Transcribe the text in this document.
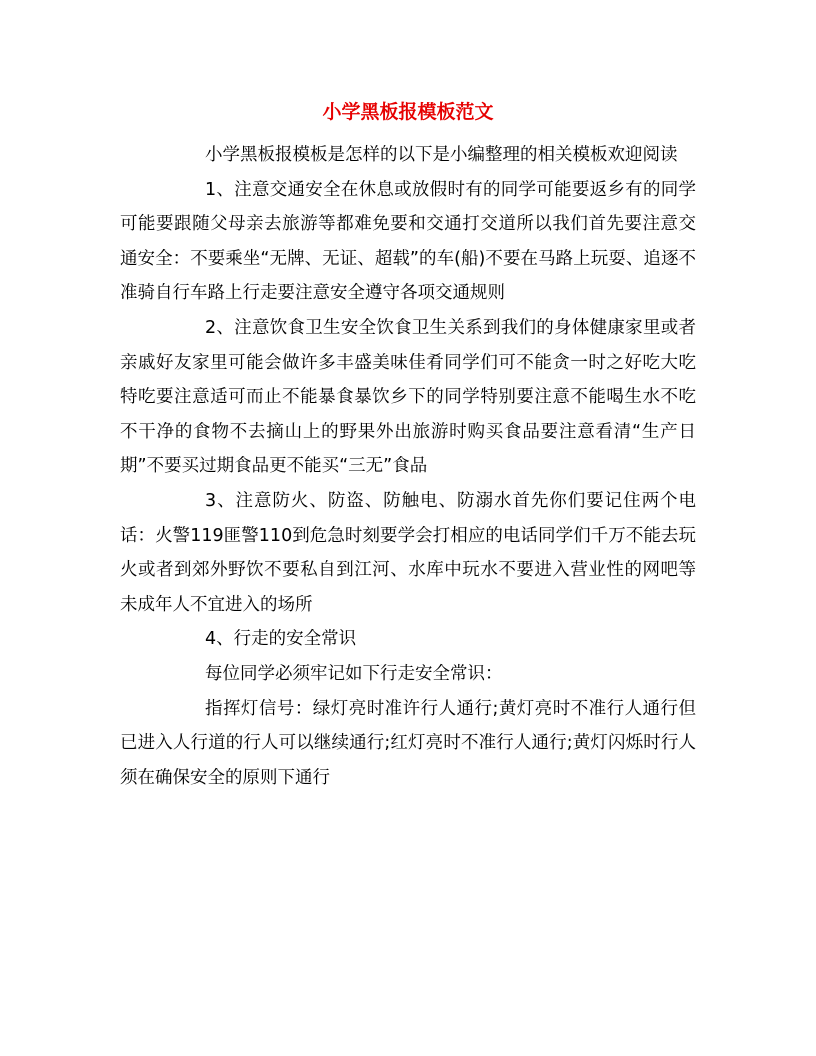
小学黑板报模板范文

小学黑板报模板是怎样的以下是小编整理的相关模板欢迎阅读

1、注意交通安全在休息或放假时有的同学可能要返乡有的同学可能要跟随父母亲去旅游等都难免要和交通打交道所以我们首先要注意交通安全：不要乘坐“无牌、无证、超载”的车(船)不要在马路上玩耍、追逐不准骑自行车路上行走要注意安全遵守各项交通规则

2、注意饮食卫生安全饮食卫生关系到我们的身体健康家里或者亲戚好友家里可能会做许多丰盛美味佳肴同学们可不能贪一时之好吃大吃特吃要注意适可而止不能暴食暴饮乡下的同学特别要注意不能喝生水不吃不干净的食物不去摘山上的野果外出旅游时购买食品要注意看清“生产日期”不要买过期食品更不能买“三无”食品

3、注意防火、防盗、防触电、防溺水首先你们要记住两个电话：火警119匪警110到危急时刻要学会打相应的电话同学们千万不能去玩火或者到郊外野饮不要私自到江河、水库中玩水不要进入营业性的网吧等未成年人不宜进入的场所

4、行走的安全常识

每位同学必须牢记如下行走安全常识：

指挥灯信号：绿灯亮时准许行人通行;黄灯亮时不准行人通行但已进入人行道的行人可以继续通行;红灯亮时不准行人通行;黄灯闪烁时行人须在确保安全的原则下通行
